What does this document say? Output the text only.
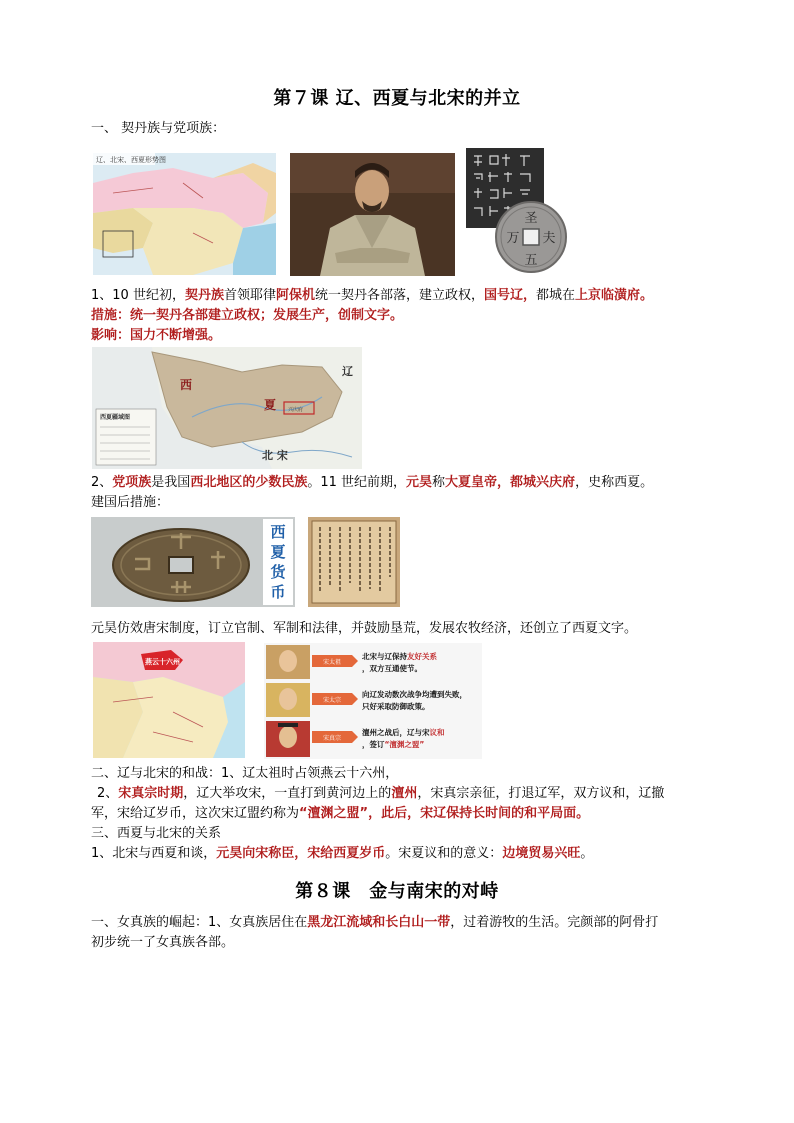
第７课 辽、西夏与北宋的并立
一、 契丹族与党项族：
辽、北宋、西夏形势图
圣
夫
五
万
1、10 世纪初，契丹族首领耶律阿保机统一契丹各部落，建立政权，国号辽，都城在上京临潢府。
措施：统一契丹各部建立政权；发展生产，创制文字。
影响：国力不断增强。
西
夏
辽
北 宋
兴庆府
西夏疆域图
2、党项族是我国西北地区的少数民族。11 世纪前期，元昊称大夏皇帝，都城兴庆府，史称西夏。
建国后措施：
西
夏
货
币
元昊仿效唐宋制度，订立官制、军制和法律，并鼓励垦荒，发展农牧经济，还创立了西夏文字。
燕云十六州	宋太祖
宋太宗
宋真宗
北宋与辽保持友好关系
，双方互通使节。
向辽发动数次战争均遭到失败，
只好采取防御政策。
澶州之战后，辽与宋议和
，签订“澶渊之盟”
二、辽与北宋的和战：1、辽太祖时占领燕云十六州，
2、宋真宗时期，辽大举攻宋，一直打到黄河边上的澶州，宋真宗亲征，打退辽军，双方议和，辽撤
军，宋给辽岁币，这次宋辽盟约称为“澶渊之盟”，此后，宋辽保持长时间的和平局面。
三、西夏与北宋的关系
1、北宋与西夏和谈，元昊向宋称臣，宋给西夏岁币。宋夏议和的意义：边境贸易兴旺。
第８课　金与南宋的对峙
一、女真族的崛起：1、女真族居住在黑龙江流域和长白山一带，过着游牧的生活。完颜部的阿骨打
初步统一了女真族各部。
